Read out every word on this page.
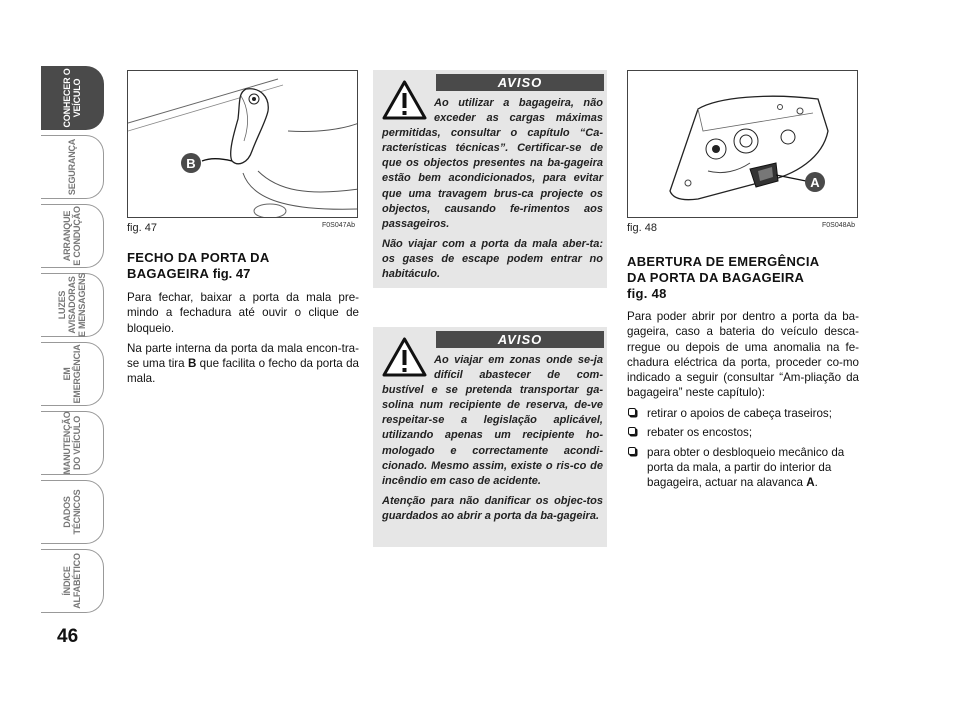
CONHECER O
VEÍCULO
SEGURANÇA
ARRANQUE
E CONDUÇÃO
LUZES
AVISADORAS
E MENSAGENS
EM
EMERGÊNCIA
MANUTENÇÃO
DO VEÍCULO
DADOS
TÉCNICOS
ÍNDICE
ALFABÉTICO
46
B
fig. 47	F0S047Ab
FECHO DA PORTA DA
BAGAGEIRA fig. 47

Para fechar, baixar a porta da mala pre-mindo a fechadura até ouvir o clique de bloqueio.

Na parte interna da porta da mala encon-tra-se uma tira B que facilita o fecho da porta da mala.

AVISO

Ao utilizar a bagageira, não exceder as cargas máximas permitidas, consultar o capítulo “Ca-racterísticas técnicas”. Certificar-se de que os objectos presentes na ba-gageira estão bem acondicionados, para evitar que uma travagem brus-ca projecte os objectos, causando fe-rimentos aos passageiros.

Não viajar com a porta da mala aber-ta: os gases de escape podem entrar no habitáculo.

AVISO

Ao viajar em zonas onde se-ja difícil abastecer de com-bustível e se pretenda transportar ga-solina num recipiente de reserva, de-ve respeitar-se a legislação aplicável, utilizando apenas um recipiente ho-mologado e correctamente acondi-cionado. Mesmo assim, existe o ris-co de incêndio em caso de acidente.

Atenção para não danificar os objec-tos guardados ao abrir a porta da ba-gageira.

A
fig. 48	F0S048Ab
ABERTURA DE EMERGÊNCIA
DA PORTA DA BAGAGEIRA
fig. 48

Para poder abrir por dentro a porta da ba-gageira, caso a bateria do veículo desca-rregue ou depois de uma anomalia na fe-chadura eléctrica da porta, proceder co-mo indicado a seguir (consultar “Am-pliação da bagageira” neste capítulo):

retirar o apoios de cabeça traseiros;
rebater os encostos;
para obter o desbloqueio mecânico da porta da mala, a partir do interior da bagageira, actuar na alavanca A.
